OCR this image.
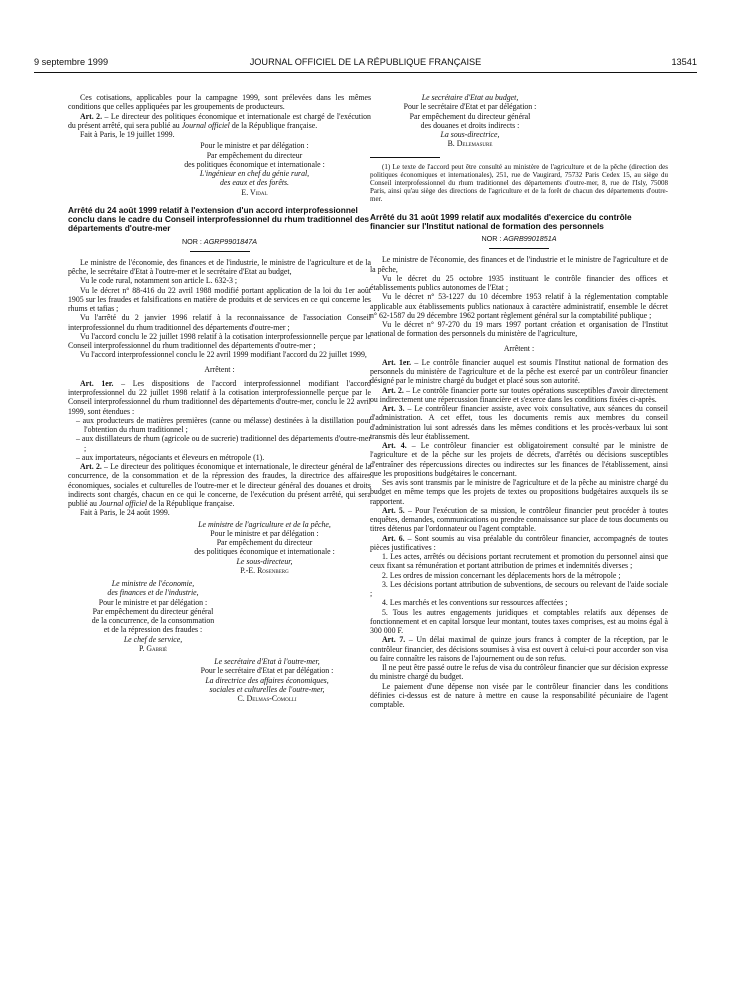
9 septembre 1999	JOURNAL OFFICIEL DE LA RÉPUBLIQUE FRANÇAISE	13541

Ces cotisations, applicables pour la campagne 1999, sont prélevées dans les mêmes conditions que celles appliquées par les groupements de producteurs.

Art. 2. – Le directeur des politiques économique et internationale est chargé de l'exécution du présent arrêté, qui sera publié au Journal officiel de la République française.

Fait à Paris, le 19 juillet 1999.

Pour le ministre et par délégation :

Par empêchement du directeur

des politiques économique et internationale :

L'ingénieur en chef du génie rural,

des eaux et des forêts.

E. Vidal

Arrêté du 24 août 1999 relatif à l'extension d'un accord interprofessionnel conclu dans le cadre du Conseil interprofessionnel du rhum traditionnel des départements d'outre-mer

NOR : AGRP9901847A

Le ministre de l'économie, des finances et de l'industrie, le ministre de l'agriculture et de la pêche, le secrétaire d'Etat à l'outre-mer et le secrétaire d'Etat au budget,

Vu le code rural, notamment son article L. 632-3 ;

Vu le décret n° 88-416 du 22 avril 1988 modifié portant application de la loi du 1er août 1905 sur les fraudes et falsifications en matière de produits et de services en ce qui concerne les rhums et tafias ;

Vu l'arrêté du 2 janvier 1996 relatif à la reconnaissance de l'association Conseil interprofessionnel du rhum traditionnel des départements d'outre-mer ;

Vu l'accord conclu le 22 juillet 1998 relatif à la cotisation interprofessionnelle perçue par le Conseil interprofessionnel du rhum traditionnel des départements d'outre-mer ;

Vu l'accord interprofessionnel conclu le 22 avril 1999 modifiant l'accord du 22 juillet 1999,

Arrêtent :

Art. 1er. – Les dispositions de l'accord interprofessionnel modifiant l'accord interprofessionnel du 22 juillet 1998 relatif à la cotisation interprofessionnelle perçue par le Conseil interprofessionnel du rhum traditionnel des départements d'outre-mer, conclu le 22 avril 1999, sont étendues :

– aux producteurs de matières premières (canne ou mélasse) destinées à la distillation pour l'obtention du rhum traditionnel ;
– aux distillateurs de rhum (agricole ou de sucrerie) traditionnel des départements d'outre-mer ;
– aux importateurs, négociants et éleveurs en métropole (1).

Art. 2. – Le directeur des politiques économique et internationale, le directeur général de la concurrence, de la consommation et de la répression des fraudes, la directrice des affaires économiques, sociales et culturelles de l'outre-mer et le directeur général des douanes et droits indirects sont chargés, chacun en ce qui le concerne, de l'exécution du présent arrêté, qui sera publié au Journal officiel de la République française.

Fait à Paris, le 24 août 1999.

Le ministre de l'agriculture et de la pêche,

Pour le ministre et par délégation :

Par empêchement du directeur

des politiques économique et internationale :

Le sous-directeur,

P.-E. Rosenberg

Le ministre de l'économie,

des finances et de l'industrie,

Pour le ministre et par délégation :

Par empêchement du directeur général

de la concurrence, de la consommation

et de la répression des fraudes :

Le chef de service,

P. Gabrié

Le secrétaire d'Etat à l'outre-mer,

Pour le secrétaire d'Etat et par délégation :

La directrice des affaires économiques,

sociales et culturelles de l'outre-mer,

C. Delmas-Comolli

Le secrétaire d'Etat au budget,

Pour le secrétaire d'Etat et par délégation :

Par empêchement du directeur général

des douanes et droits indirects :

La sous-directrice,

B. Delemasure

(1) Le texte de l'accord peut être consulté au ministère de l'agriculture et de la pêche (direction des politiques économiques et internationales), 251, rue de Vaugirard, 75732 Paris Cedex 15, au siège du Conseil interprofessionnel du rhum traditionnel des départements d'outre-mer, 8, rue de l'Isly, 75008 Paris, ainsi qu'au siège des directions de l'agriculture et de la forêt de chacun des départements d'outre-mer.

Arrêté du 31 août 1999 relatif aux modalités d'exercice du contrôle financier sur l'Institut national de formation des personnels

NOR : AGRB9901851A

Le ministre de l'économie, des finances et de l'industrie et le ministre de l'agriculture et de la pêche,

Vu le décret du 25 octobre 1935 instituant le contrôle financier des offices et établissements publics autonomes de l'Etat ;

Vu le décret n° 53-1227 du 10 décembre 1953 relatif à la réglementation comptable applicable aux établissements publics nationaux à caractère administratif, ensemble le décret n° 62-1587 du 29 décembre 1962 portant règlement général sur la comptabilité publique ;

Vu le décret n° 97-270 du 19 mars 1997 portant création et organisation de l'Institut national de formation des personnels du ministère de l'agriculture,

Arrêtent :

Art. 1er. – Le contrôle financier auquel est soumis l'Institut national de formation des personnels du ministère de l'agriculture et de la pêche est exercé par un contrôleur financier désigné par le ministre chargé du budget et placé sous son autorité.

Art. 2. – Le contrôle financier porte sur toutes opérations susceptibles d'avoir directement ou indirectement une répercussion financière et s'exerce dans les conditions fixées ci-après.

Art. 3. – Le contrôleur financier assiste, avec voix consultative, aux séances du conseil d'administration. A cet effet, tous les documents remis aux membres du conseil d'administration lui sont adressés dans les mêmes conditions et les procès-verbaux lui sont transmis dès leur établissement.

Art. 4. – Le contrôleur financier est obligatoirement consulté par le ministre de l'agriculture et de la pêche sur les projets de décrets, d'arrêtés ou décisions susceptibles d'entraîner des répercussions directes ou indirectes sur les finances de l'établissement, ainsi que les propositions budgétaires le concernant.

Ses avis sont transmis par le ministre de l'agriculture et de la pêche au ministre chargé du budget en même temps que les projets de textes ou propositions budgétaires auxquels ils se rapportent.

Art. 5. – Pour l'exécution de sa mission, le contrôleur financier peut procéder à toutes enquêtes, demandes, communications ou prendre connaissance sur place de tous documents ou titres détenus par l'ordonnateur ou l'agent comptable.

Art. 6. – Sont soumis au visa préalable du contrôleur financier, accompagnés de toutes pièces justificatives :

1. Les actes, arrêtés ou décisions portant recrutement et promotion du personnel ainsi que ceux fixant sa rémunération et portant attribution de primes et indemnités diverses ;

2. Les ordres de mission concernant les déplacements hors de la métropole ;

3. Les décisions portant attribution de subventions, de secours ou relevant de l'aide sociale ;

4. Les marchés et les conventions sur ressources affectées ;

5. Tous les autres engagements juridiques et comptables relatifs aux dépenses de fonctionnement et en capital lorsque leur montant, toutes taxes comprises, est au moins égal à 300 000 F.

Art. 7. – Un délai maximal de quinze jours francs à compter de la réception, par le contrôleur financier, des décisions soumises à visa est ouvert à celui-ci pour accorder son visa ou faire connaître les raisons de l'ajournement ou de son refus.

Il ne peut être passé outre le refus de visa du contrôleur financier que sur décision expresse du ministre chargé du budget.

Le paiement d'une dépense non visée par le contrôleur financier dans les conditions définies ci-dessus est de nature à mettre en cause la responsabilité pécuniaire de l'agent comptable.
